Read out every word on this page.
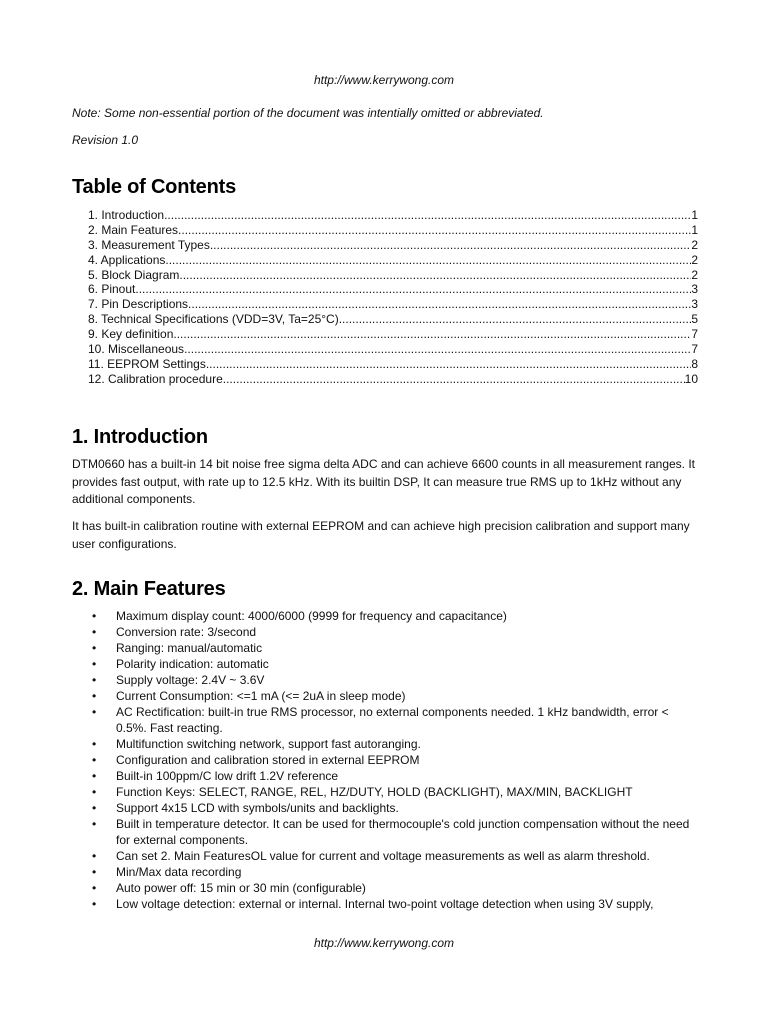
http://www.kerrywong.com
Note: Some non-essential portion of the document was intentially omitted or abbreviated.
Revision 1.0
Table of Contents
1. Introduction .....	1
2. Main Features .....	1
3. Measurement Types .....	2
4. Applications .....	2
5. Block Diagram .....	2
6. Pinout .....	3
7. Pin Descriptions .....	3
8. Technical Specifications (VDD=3V, Ta=25°C) .....	5
9. Key definition .....	7
10. Miscellaneous .....	7
11. EEPROM Settings .....	8
12. Calibration procedure .....	10
1. Introduction

DTM0660 has a built-in 14 bit noise free sigma delta ADC and can achieve 6600 counts in all measurement ranges. It provides fast output, with rate up to 12.5 kHz. With its builtin DSP, It can measure true RMS up to 1kHz without any additional components.

It has built-in calibration routine with external EEPROM and can achieve high precision calibration and support many user configurations.

2. Main Features
• Maximum display count: 4000/6000 (9999 for frequency and capacitance)
• Conversion rate: 3/second
• Ranging: manual/automatic
• Polarity indication: automatic
• Supply voltage: 2.4V ~ 3.6V
• Current Consumption: <=1 mA (<= 2uA in sleep mode)
• AC Rectification: built-in true RMS processor, no external components needed. 1 kHz bandwidth, error < 0.5%. Fast reacting.
• Multifunction switching network, support fast autoranging.
• Configuration and calibration stored in external EEPROM
• Built-in 100ppm/C low drift 1.2V reference
• Function Keys: SELECT, RANGE, REL, HZ/DUTY, HOLD (BACKLIGHT), MAX/MIN, BACKLIGHT
• Support 4x15 LCD with symbols/units and backlights.
• Built in temperature detector. It can be used for thermocouple's cold junction compensation without the need for external components.
• Can set 2. Main FeaturesOL value for current and voltage measurements as well as alarm threshold.
• Min/Max data recording
• Auto power off: 15 min or 30 min (configurable)
• Low voltage detection: external or internal. Internal two-point voltage detection when using 3V supply,
http://www.kerrywong.com
